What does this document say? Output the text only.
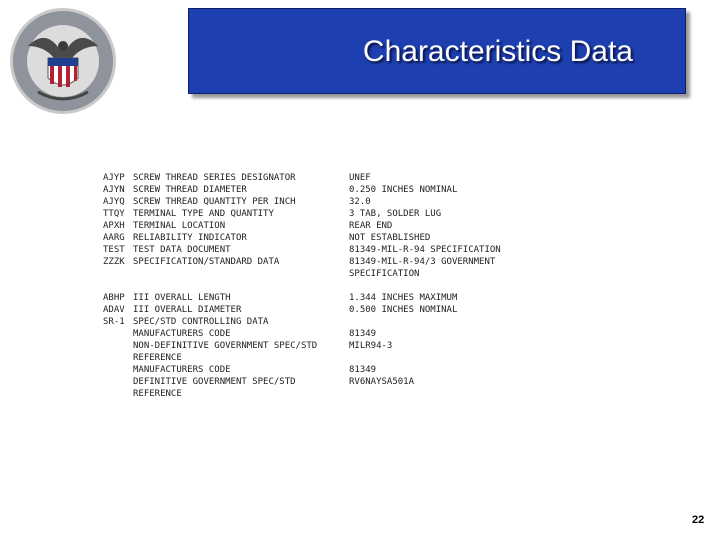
Characteristics Data
AJYP SCREW THREAD SERIES DESIGNATOR	UNEF
AJYN SCREW THREAD DIAMETER	0.250 INCHES NOMINAL
AJYQ SCREW THREAD QUANTITY PER INCH	32.0
TTQY TERMINAL TYPE AND QUANTITY	3 TAB, SOLDER LUG
APXH TERMINAL LOCATION	REAR END
AARG RELIABILITY INDICATOR	NOT ESTABLISHED
TEST TEST DATA DOCUMENT	81349-MIL-R-94 SPECIFICATION
ZZZK SPECIFICATION/STANDARD DATA	81349-MIL-R-94/3 GOVERNMENT
SPECIFICATION
ABHP III OVERALL LENGTH	1.344 INCHES MAXIMUM
ADAV III OVERALL DIAMETER	0.500 INCHES NOMINAL
SR-1 SPEC/STD CONTROLLING DATA
MANUFACTURERS CODE	81349
NON-DEFINITIVE GOVERNMENT SPEC/STD	MILR94-3
REFERENCE
MANUFACTURERS CODE	81349
DEFINITIVE GOVERNMENT SPEC/STD	RV6NAYSA501A
REFERENCE
22
